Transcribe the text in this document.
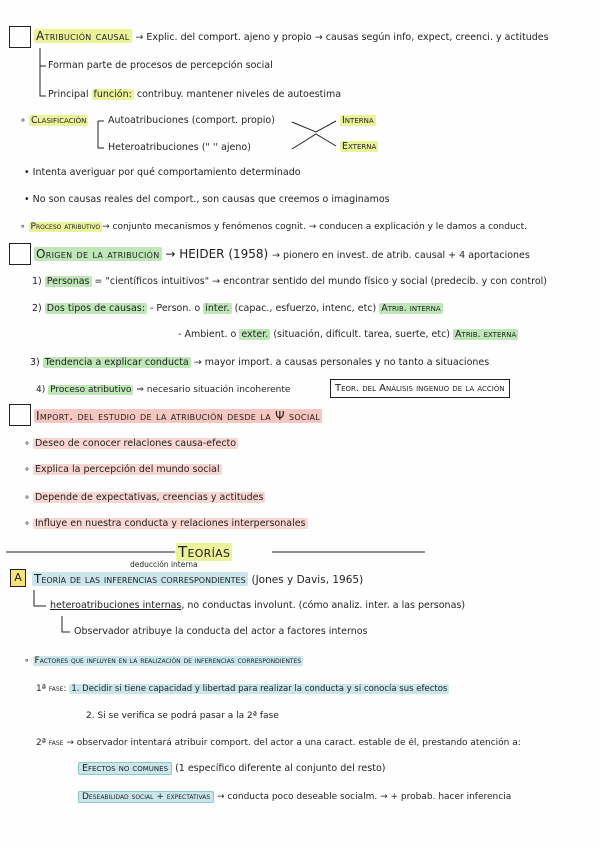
Atribución causal → Explic. del comport. ajeno y propio → causas según info, expect, creenci. y actitudes
Forman parte de procesos de percepción social
Principal función: contribuy. mantener niveles de autoestima
∘ Clasificación Autoatribuciones (comport. propio)
Heteroatribuciones (" '' ajeno)
Interna
Externa
• Intenta averiguar por qué comportamiento determinado
• No son causas reales del comport., son causas que creemos o imaginamos
∘ Proceso atributivo → conjunto mecanismos y fenómenos cognit. → conducen a explicación y le damos a conduct.
Origen de la atribución → HEIDER (1958) → pionero en invest. de atrib. causal + 4 aportaciones
1) Personas = "científicos intuitivos" → encontrar sentido del mundo físico y social (predecib. y con control)
2) Dos tipos de causas: - Person. o inter. (capac., esfuerzo, intenc, etc) Atrib. interna
- Ambient. o exter. (situación, dificult. tarea, suerte, etc) Atrib. externa
3) Tendencia a explicar conducta → mayor import. a causas personales y no tanto a situaciones
4) Proceso atributivo ⇒ necesario situación incoherente	Teor. del Análisis ingenuo de la acción
Import. del estudio de la atribución desde la Ψ social
∘ Deseo de conocer relaciones causa-efecto
∘ Explica la percepción del mundo social
∘ Depende de expectativas, creencias y actitudes
∘ Influye en nuestra conducta y relaciones interpersonales
Teorías
deducción interna
A	Teoría de las inferencias correspondientes (Jones y Davis, 1965)
heteroatribuciones internas, no conductas involunt. (cómo analiz. inter. a las personas)
Observador atribuye la conducta del actor a factores internos
∘ Factores que influyen en la realización de inferencias correspondientes
1ª fase: 1. Decidir si tiene capacidad y libertad para realizar la conducta y si conocía sus efectos
2. Si se verifica se podrá pasar a la 2ª fase
2ª fase → observador intentará atribuir comport. del actor a una caract. estable de él, prestando atención a:
Efectos no comunes (1 específico diferente al conjunto del resto)
Deseabilidad social + expectativas → conducta poco deseable socialm. → + probab. hacer inferencia
